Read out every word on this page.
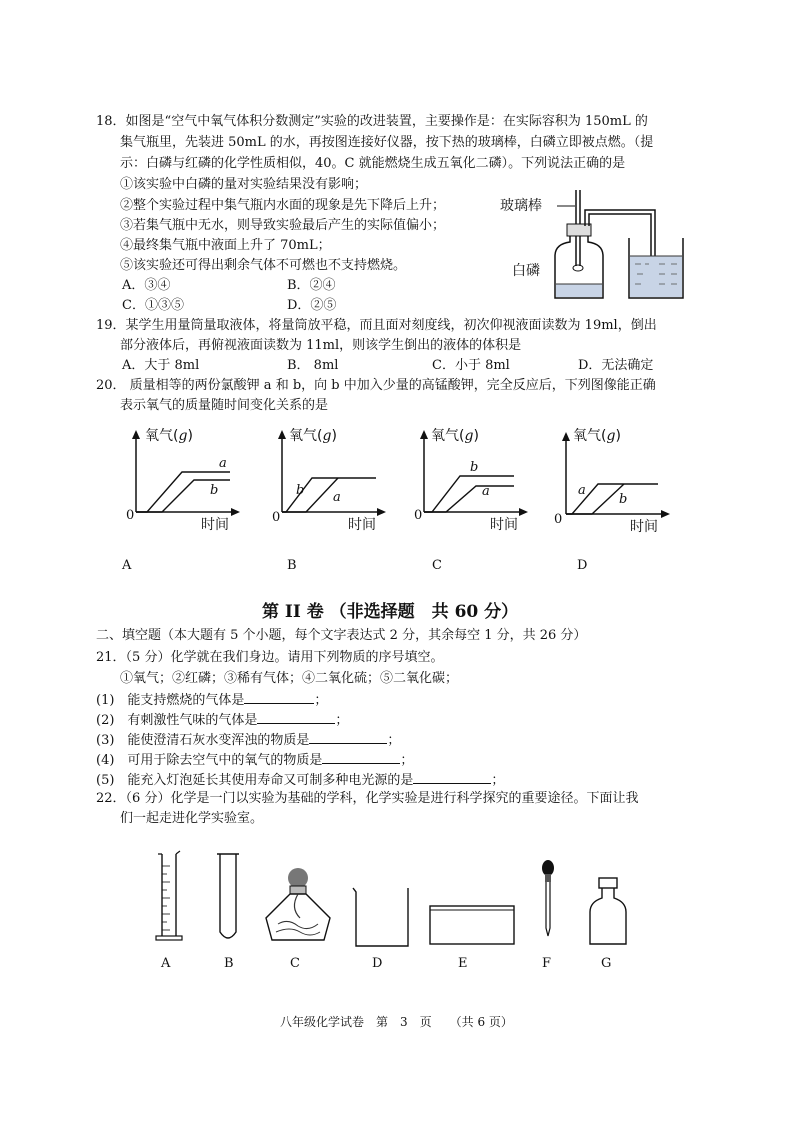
18．如图是“空气中氧气体积分数测定”实验的改进装置，主要操作是：在实际容积为 150mL 的
集气瓶里，先装进 50mL 的水，再按图连接好仪器，按下热的玻璃棒，白磷立即被点燃。（提
示：白磷与红磷的化学性质相似，40。C 就能燃烧生成五氧化二磷）。下列说法正确的是
①该实验中白磷的量对实验结果没有影响；
②整个实验过程中集气瓶内水面的现象是先下降后上升；
③若集气瓶中无水，则导致实验最后产生的实际值偏小；
④最终集气瓶中液面上升了 70mL；
⑤该实验还可得出剩余气体不可燃也不支持燃烧。
A．③④	B．②④
C．①③⑤	D．②⑤
玻璃棒
白磷
19．某学生用量筒量取液体，将量筒放平稳，而且面对刻度线，初次仰视液面读数为 19ml，倒出
部分液体后，再俯视液面读数为 11ml，则该学生倒出的液体的体积是
A．大于 8ml	B． 8ml	C．小于 8ml	D．无法确定
20． 质量相等的两份氯酸钾 a 和 b，向 b 中加入少量的高锰酸钾，完全反应后，下列图像能正确
表示氧气的质量随时间变化关系的是
氧气(g)
a
b
0
时间
A
氧气(g)
b a
0	时间
B
氧气(g)
b
a
0
时间
C
氧气(g)
a
b
0	时间
D
第 II 卷 （非选择题　共 60 分）
二、填空题（本大题有 5 个小题，每个文字表达式 2 分，其余每空 1 分，共 26 分）
21．（5 分）化学就在我们身边。请用下列物质的序号填空。
①氧气；②红磷；③稀有气体；④二氧化硫；⑤二氧化碳；
(1)　能支持燃烧的气体是	；
(2)　有刺激性气味的气体是	；
(3)　能使澄清石灰水变浑浊的物质是	；
(4)　可用于除去空气中的氧气的物质是	；
(5)　能充入灯泡延长其使用寿命又可制多种电光源的是	；
22．（6 分）化学是一门以实验为基础的学科，化学实验是进行科学探究的重要途径。下面让我
们一起走进化学实验室。
A	B	C	D	E	F	G
八年级化学试卷　第　3　页　　（共 6 页）
